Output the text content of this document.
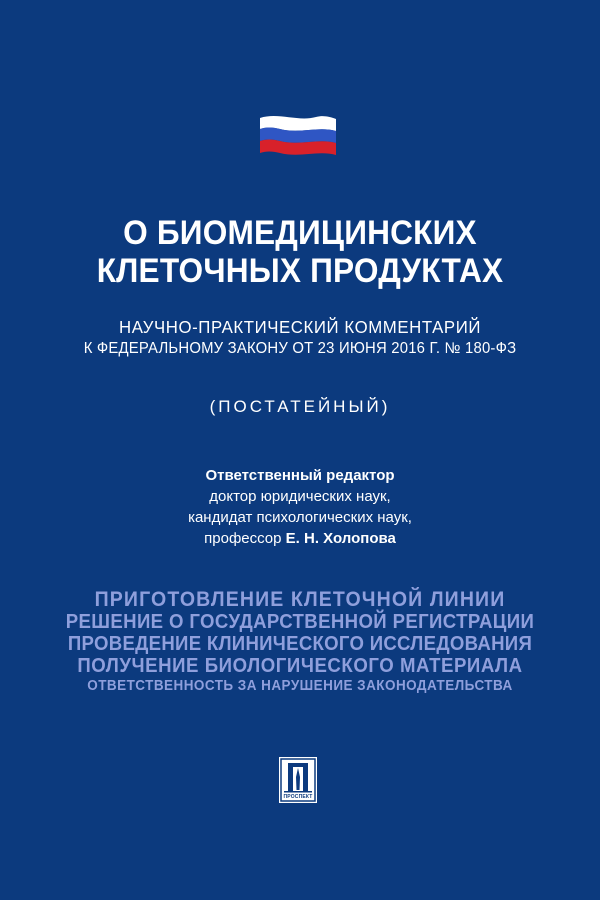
О БИОМЕДИЦИНСКИХ
КЛЕТОЧНЫХ ПРОДУКТАХ
НАУЧНО-ПРАКТИЧЕСКИЙ КОММЕНТАРИЙ
К ФЕДЕРАЛЬНОМУ ЗАКОНУ ОТ 23 ИЮНЯ 2016 Г. № 180-ФЗ
(ПОСТАТЕЙНЫЙ)
Ответственный редактор
доктор юридических наук,
кандидат психологических наук,
профессор Е. Н. Холопова
ПРИГОТОВЛЕНИЕ КЛЕТОЧНОЙ ЛИНИИ
РЕШЕНИЕ О ГОСУДАРСТВЕННОЙ РЕГИСТРАЦИИ
ПРОВЕДЕНИЕ КЛИНИЧЕСКОГО ИССЛЕДОВАНИЯ
ПОЛУЧЕНИЕ БИОЛОГИЧЕСКОГО МАТЕРИАЛА
ОТВЕТСТВЕННОСТЬ ЗА НАРУШЕНИЕ ЗАКОНОДАТЕЛЬСТВА
ПРОСПЕКТ
